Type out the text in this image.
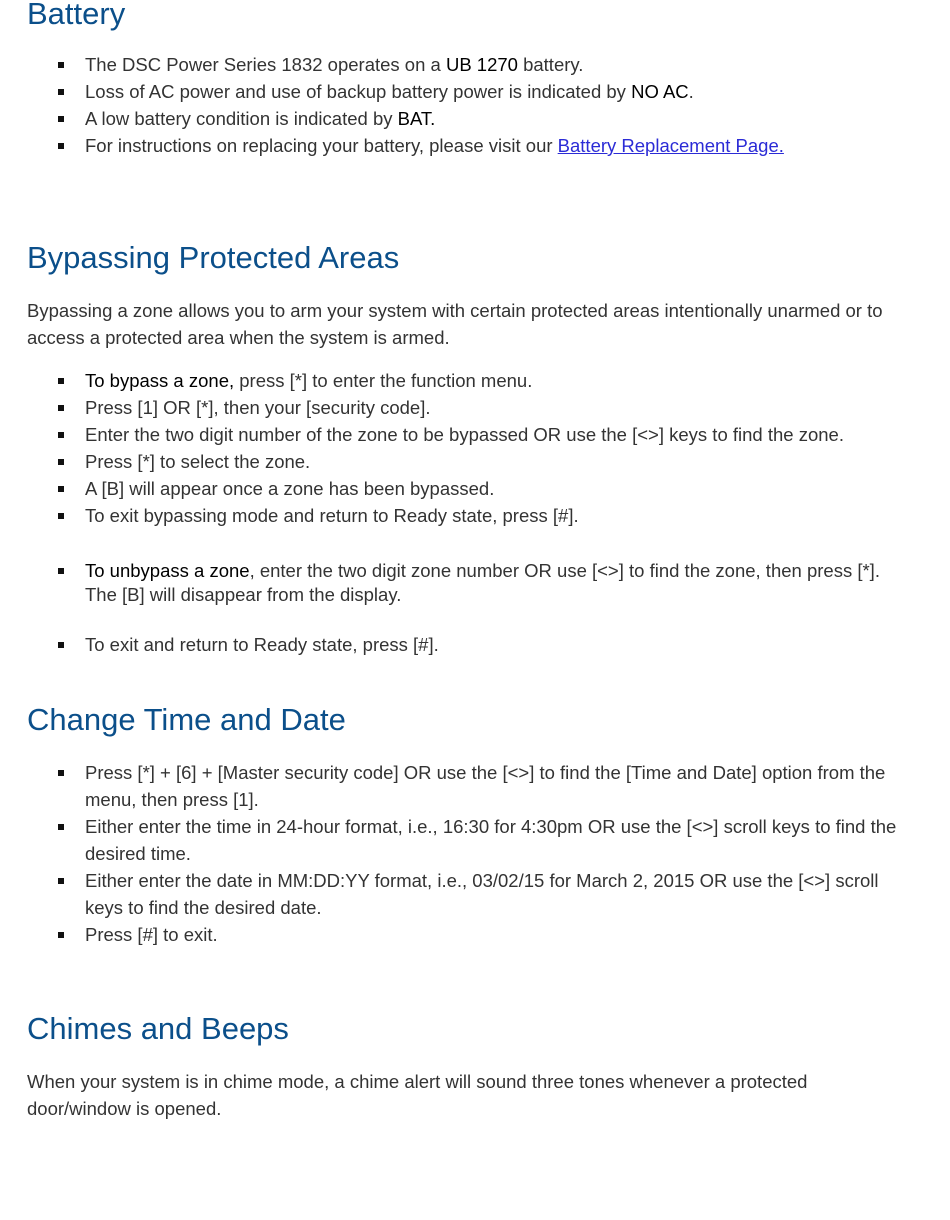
Battery
The DSC Power Series 1832 operates on a UB 1270 battery.
Loss of AC power and use of backup battery power is indicated by NO AC.
A low battery condition is indicated by BAT.
For instructions on replacing your battery, please visit our Battery Replacement Page.
Bypassing Protected Areas

Bypassing a zone allows you to arm your system with certain protected areas intentionally unarmed or to access a protected area when the system is armed.

To bypass a zone, press [*] to enter the function menu.
Press [1] OR [*], then your [security code].
Enter the two digit number of the zone to be bypassed OR use the [<>] keys to find the zone.
Press [*] to select the zone.
A [B] will appear once a zone has been bypassed.
To exit bypassing mode and return to Ready state, press [#].
To unbypass a zone, enter the two digit zone number OR use [<>] to find the zone, then press [*]. The [B] will disappear from the display.
To exit and return to Ready state, press [#].
Change Time and Date
Press [*] + [6] + [Master security code] OR use the [<>] to find the [Time and Date] option from the menu, then press [1].
Either enter the time in 24-hour format, i.e., 16:30 for 4:30pm OR use the [<>] scroll keys to find the desired time.
Either enter the date in MM:DD:YY format, i.e., 03/02/15 for March 2, 2015 OR use the [<>] scroll keys to find the desired date.
Press [#] to exit.
Chimes and Beeps

When your system is in chime mode, a chime alert will sound three tones whenever a protected door/window is opened.
